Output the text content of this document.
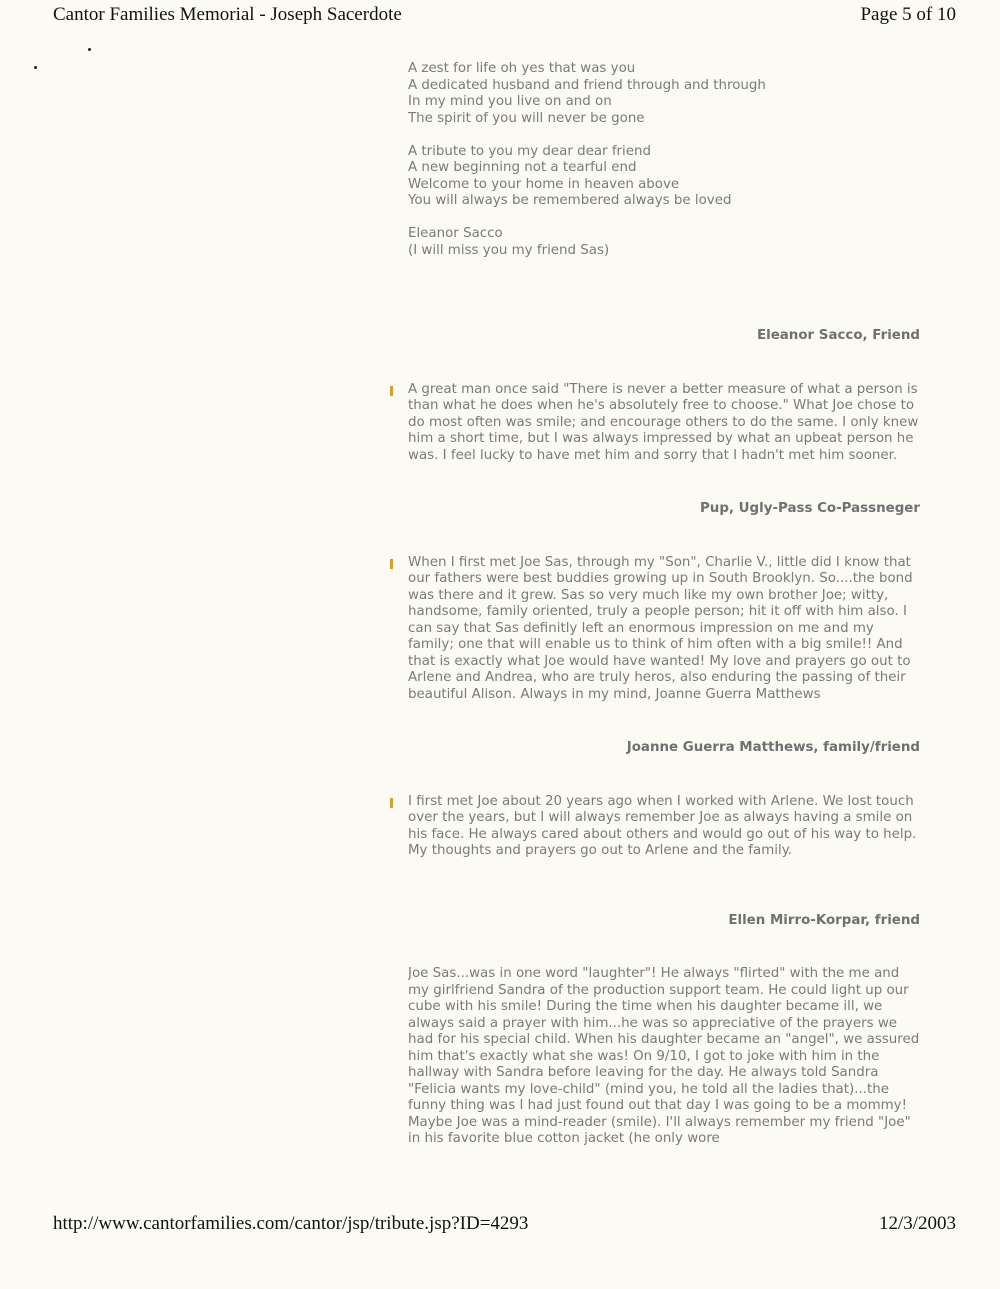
Cantor Families Memorial - Joseph Sacerdote	Page 5 of 10
A zest for life oh yes that was you
A dedicated husband and friend through and through
In my mind you live on and on
The spirit of you will never be gone
A tribute to you my dear dear friend
A new beginning not a tearful end
Welcome to your home in heaven above
You will always be remembered always be loved
Eleanor Sacco
(I will miss you my friend Sas)
Eleanor Sacco, Friend

A great man once said "There is never a better measure of what a person is than what he does when he's absolutely free to choose." What Joe chose to do most often was smile; and encourage others to do the same. I only knew him a short time, but I was always impressed by what an upbeat person he was. I feel lucky to have met him and sorry that I hadn't met him sooner.

Pup, Ugly-Pass Co-Passneger

When I first met Joe Sas, through my "Son", Charlie V., little did I know that our fathers were best buddies growing up in South Brooklyn. So....the bond was there and it grew. Sas so very much like my own brother Joe; witty, handsome, family oriented, truly a people person; hit it off with him also. I can say that Sas definitly left an enormous impression on me and my family; one that will enable us to think of him often with a big smile!! And that is exactly what Joe would have wanted! My love and prayers go out to Arlene and Andrea, who are truly heros, also enduring the passing of their beautiful Alison. Always in my mind, Joanne Guerra Matthews

Joanne Guerra Matthews, family/friend

I first met Joe about 20 years ago when I worked with Arlene. We lost touch over the years, but I will always remember Joe as always having a smile on his face. He always cared about others and would go out of his way to help. My thoughts and prayers go out to Arlene and the family.

Ellen Mirro-Korpar, friend

Joe Sas...was in one word "laughter"! He always "flirted" with the me and my girlfriend Sandra of the production support team. He could light up our cube with his smile! During the time when his daughter became ill, we always said a prayer with him...he was so appreciative of the prayers we had for his special child. When his daughter became an "angel", we assured him that's exactly what she was! On 9/10, I got to joke with him in the hallway with Sandra before leaving for the day. He always told Sandra "Felicia wants my love-child" (mind you, he told all the ladies that)...the funny thing was I had just found out that day I was going to be a mommy! Maybe Joe was a mind-reader (smile). I'll always remember my friend "Joe" in his favorite blue cotton jacket (he only wore

http://www.cantorfamilies.com/cantor/jsp/tribute.jsp?ID=4293	12/3/2003
